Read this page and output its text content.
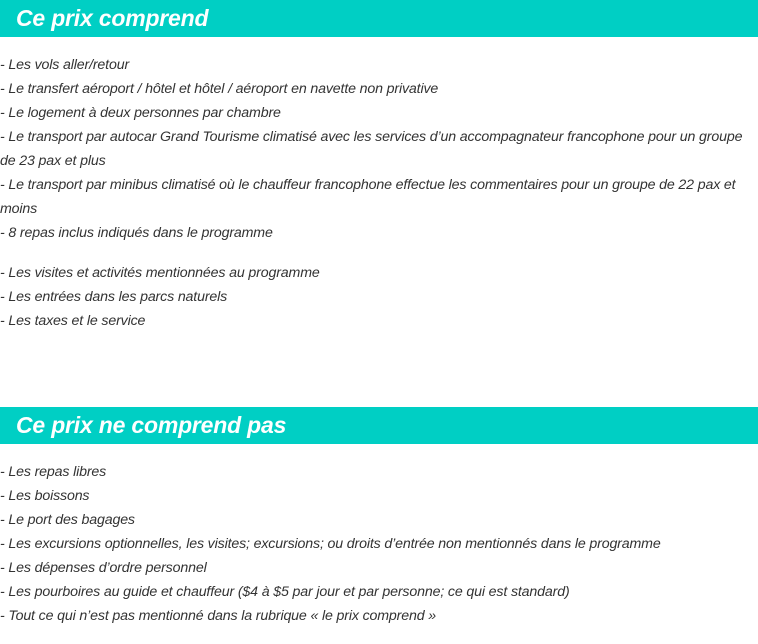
Ce prix comprend
- Les vols aller/retour
- Le transfert aéroport / hôtel et hôtel / aéroport en navette non privative
- Le logement à deux personnes par chambre
- Le transport par autocar Grand Tourisme climatisé avec les services d’un accompagnateur francophone pour un groupe de 23 pax et plus
- Le transport par minibus climatisé où le chauffeur francophone effectue les commentaires pour un groupe de 22 pax et moins
- 8 repas inclus indiqués dans le programme
- Les visites et activités mentionnées au programme
- Les entrées dans les parcs naturels
- Les taxes et le service
Ce prix ne comprend pas
- Les repas libres
- Les boissons
- Le port des bagages
- Les excursions optionnelles, les visites; excursions; ou droits d’entrée non mentionnés dans le programme
- Les dépenses d’ordre personnel
- Les pourboires au guide et chauffeur ($4 à $5 par jour et par personne; ce qui est standard)
- Tout ce qui n’est pas mentionné dans la rubrique « le prix comprend »
